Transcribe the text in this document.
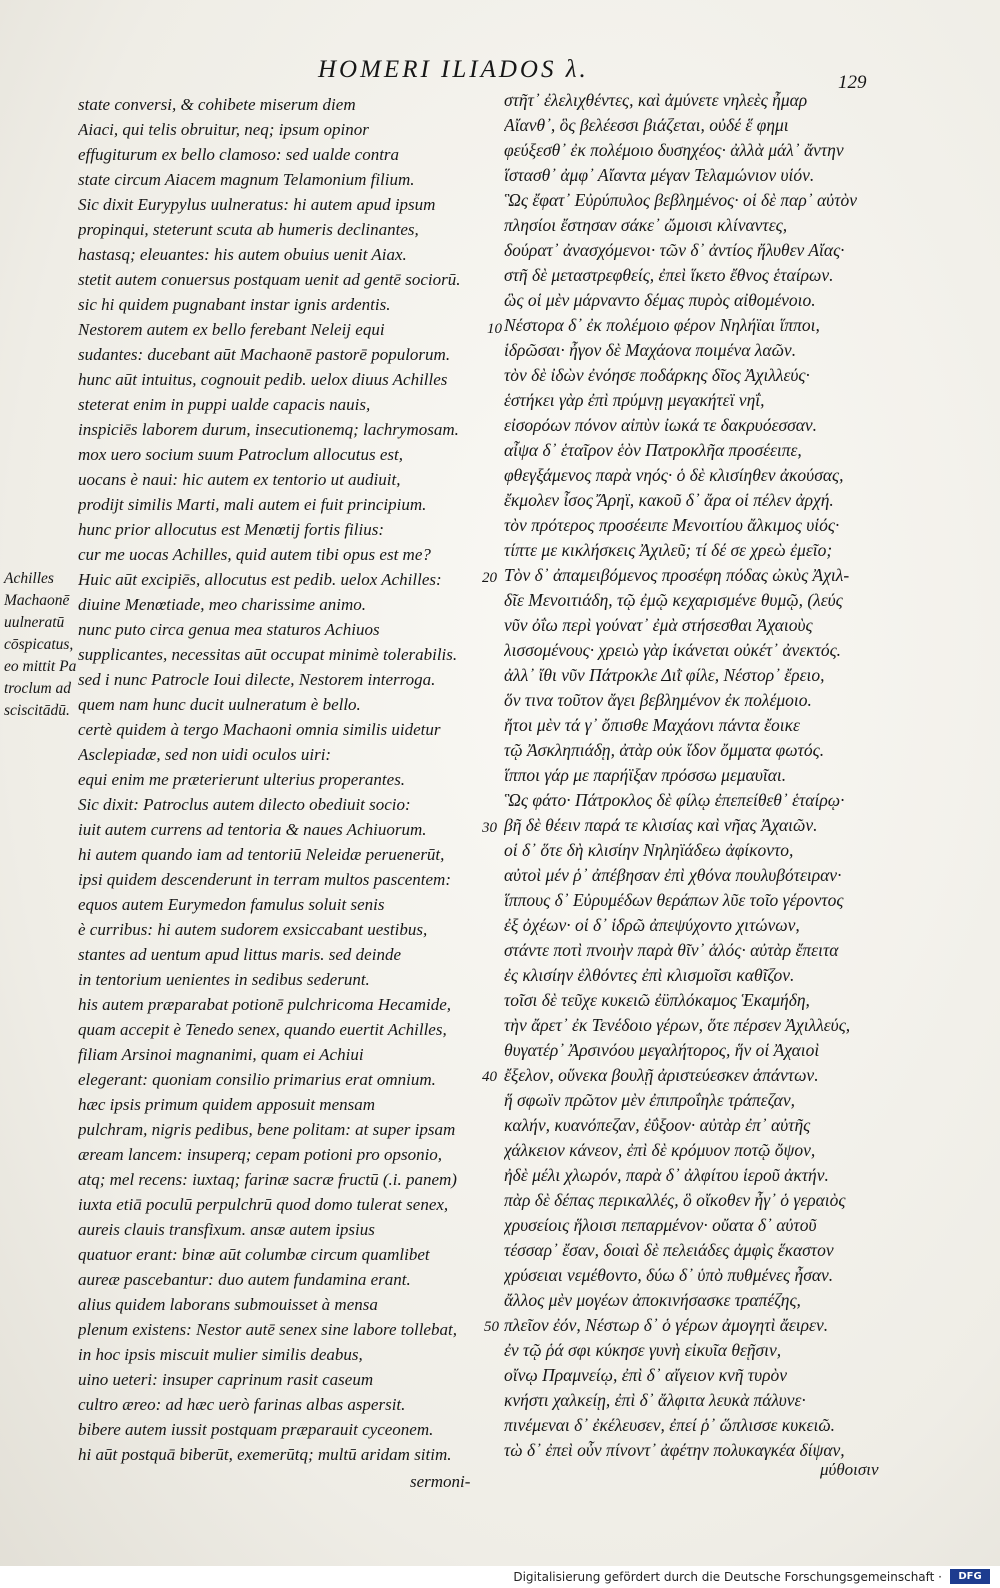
HOMERI ILIADOS λ.	129
state conversi, & cohibete miserum diem
Aiaci, qui telis obruitur, neq; ipsum opinor
effugiturum ex bello clamoso: sed ualde contra
state circum Aiacem magnum Telamonium filium.
Sic dixit Eurypylus uulneratus: hi autem apud ipsum
propinqui, steterunt scuta ab humeris declinantes,
hastasq; eleuantes: his autem obuius uenit Aiax.
stetit autem conuersus postquam uenit ad gentē sociorū.
sic hi quidem pugnabant instar ignis ardentis.
Nestorem autem ex bello ferebant Neleij equi
sudantes: ducebant aūt Machaonē pastorē populorum.
hunc aūt intuitus, cognouit pedib. uelox diuus Achilles
steterat enim in puppi ualde capacis nauis,
inspiciēs laborem durum, insecutionemq; lachrymosam.
mox uero socium suum Patroclum allocutus est,
uocans è naui: hic autem ex tentorio ut audiuit,
prodijt similis Marti, mali autem ei fuit principium.
hunc prior allocutus est Menœtij fortis filius:
cur me uocas Achilles, quid autem tibi opus est me?
Huic aūt excipiēs, allocutus est pedib. uelox Achilles:
diuine Menœtiade, meo charissime animo.
nunc puto circa genua mea staturos Achiuos
supplicantes, necessitas aūt occupat minimè tolerabilis.
sed i nunc Patrocle Ioui dilecte, Nestorem interroga.
quem nam hunc ducit uulneratum è bello.
certè quidem à tergo Machaoni omnia similis uidetur
Asclepiadæ, sed non uidi oculos uiri:
equi enim me præterierunt ulterius properantes.
Sic dixit: Patroclus autem dilecto obediuit socio:
iuit autem currens ad tentoria & naues Achiuorum.
hi autem quando iam ad tentoriū Neleidæ peruenerūt,
ipsi quidem descenderunt in terram multos pascentem:
equos autem Eurymedon famulus soluit senis
è curribus: hi autem sudorem exsiccabant uestibus,
stantes ad uentum apud littus maris. sed deinde
in tentorium uenientes in sedibus sederunt.
his autem præparabat potionē pulchricoma Hecamide,
quam accepit è Tenedo senex, quando euertit Achilles,
filiam Arsinoi magnanimi, quam ei Achiui
elegerant: quoniam consilio primarius erat omnium.
hæc ipsis primum quidem apposuit mensam
pulchram, nigris pedibus, bene politam: at super ipsam
æream lancem: insuperq; cepam potioni pro opsonio,
atq; mel recens: iuxtaq; farinæ sacræ fructū (.i. panem)
iuxta etiā poculū perpulchrū quod domo tulerat senex,
aureis clauis transfixum. ansæ autem ipsius
quatuor erant: binæ aūt columbæ circum quamlibet
aureæ pascebantur: duo autem fundamina erant.
alius quidem laborans submouisset à mensa
plenum existens: Nestor autē senex sine labore tollebat,
in hoc ipsis miscuit mulier similis deabus,
uino ueteri: insuper caprinum rasit caseum
cultro æreo: ad hæc uerò farinas albas aspersit.
bibere autem iussit postquam præparauit cyceonem.
hi aūt postquā biberūt, exemerūtq; multū aridam sitim.
στῆτ᾽ ἐλελιχθέντες, καὶ ἀμύνετε νηλεὲς ἦμαρ
Αἴανθ᾽, ὃς βελέεσσι βιάζεται, οὐδέ ἕ φημι
φεύξεσθ᾽ ἐκ πολέμοιο δυσηχέος· ἀλλὰ μάλ᾽ ἄντην
ἵστασθ᾽ ἀμφ᾽ Αἴαντα μέγαν Τελαμώνιον υἱόν.
Ὣς ἔφατ᾽ Εὐρύπυλος βεβλημένος· οἱ δὲ παρ᾽ αὐτὸν
πλησίοι ἔστησαν σάκε᾽ ὤμοισι κλίναντες,
δούρατ᾽ ἀνασχόμενοι· τῶν δ᾽ ἀντίος ἤλυθεν Αἴας·
στῆ δὲ μεταστρεφθείς, ἐπεὶ ἵκετο ἔθνος ἑταίρων.
ὣς οἱ μὲν μάρναντο δέμας πυρὸς αἰθομένοιο.
Νέστορα δ᾽ ἐκ πολέμοιο φέρον Νηλήϊαι ἵπποι,
ἱδρῶσαι· ἦγον δὲ Μαχάονα ποιμένα λαῶν.
τὸν δὲ ἰδὼν ἐνόησε ποδάρκης δῖος Ἀχιλλεύς·
ἑστήκει γὰρ ἐπὶ πρύμνῃ μεγακήτεϊ νηΐ,
εἰσορόων πόνον αἰπὺν ἰωκά τε δακρυόεσσαν.
αἶψα δ᾽ ἑταῖρον ἑὸν Πατροκλῆα προσέειπε,
φθεγξάμενος παρὰ νηός· ὁ δὲ κλισίηθεν ἀκούσας,
ἔκμολεν ἶσος Ἄρηϊ, κακοῦ δ᾽ ἄρα οἱ πέλεν ἀρχή.
τὸν πρότερος προσέειπε Μενοιτίου ἄλκιμος υἱός·
τίπτε με κικλήσκεις Ἀχιλεῦ; τί δέ σε χρεὼ ἐμεῖο;
Τὸν δ᾽ ἀπαμειβόμενος προσέφη πόδας ὠκὺς Ἀχιλ-
δῖε Μενοιτιάδη, τῷ ἐμῷ κεχαρισμένε θυμῷ, (λεύς
νῦν ὀΐω περὶ γούνατ᾽ ἐμὰ στήσεσθαι Ἀχαιοὺς
λισσομένους· χρειὼ γὰρ ἱκάνεται οὐκέτ᾽ ἀνεκτός.
ἀλλ᾽ ἴθι νῦν Πάτροκλε Διῒ φίλε, Νέστορ᾽ ἔρειο,
ὅν τινα τοῦτον ἄγει βεβλημένον ἐκ πολέμοιο.
ἤτοι μὲν τά γ᾽ ὄπισθε Μαχάονι πάντα ἔοικε
τῷ Ἀσκληπιάδῃ, ἀτὰρ οὐκ ἴδον ὄμματα φωτός.
ἵπποι γάρ με παρήϊξαν πρόσσω μεμαυῖαι.
Ὣς φάτο· Πάτροκλος δὲ φίλῳ ἐπεπείθεθ᾽ ἑταίρῳ·
βῆ δὲ θέειν παρά τε κλισίας καὶ νῆας Ἀχαιῶν.
οἱ δ᾽ ὅτε δὴ κλισίην Νηληϊάδεω ἀφίκοντο,
αὐτοὶ μέν ῥ᾽ ἀπέβησαν ἐπὶ χθόνα πουλυβότειραν·
ἵππους δ᾽ Εὐρυμέδων θεράπων λῦε τοῖο γέροντος
ἐξ ὀχέων· οἱ δ᾽ ἱδρῶ ἀπεψύχοντο χιτώνων,
στάντε ποτὶ πνοιὴν παρὰ θῖν᾽ ἁλός· αὐτὰρ ἔπειτα
ἐς κλισίην ἐλθόντες ἐπὶ κλισμοῖσι καθῖζον.
τοῖσι δὲ τεῦχε κυκειῶ ἐϋπλόκαμος Ἑκαμήδη,
τὴν ἄρετ᾽ ἐκ Τενέδοιο γέρων, ὅτε πέρσεν Ἀχιλλεύς,
θυγατέρ᾽ Ἀρσινόου μεγαλήτορος, ἥν οἱ Ἀχαιοὶ
ἔξελον, οὕνεκα βουλῇ ἀριστεύεσκεν ἁπάντων.
ἥ σφωϊν πρῶτον μὲν ἐπιπροΐηλε τράπεζαν,
καλήν, κυανόπεζαν, ἐΰξοον· αὐτὰρ ἐπ᾽ αὐτῆς
χάλκειον κάνεον, ἐπὶ δὲ κρόμυον ποτῷ ὄψον,
ἠδὲ μέλι χλωρόν, παρὰ δ᾽ ἀλφίτου ἱεροῦ ἀκτήν.
πὰρ δὲ δέπας περικαλλές, ὃ οἴκοθεν ἦγ᾽ ὁ γεραιὸς
χρυσείοις ἥλοισι πεπαρμένον· οὔατα δ᾽ αὐτοῦ
τέσσαρ᾽ ἔσαν, δοιαὶ δὲ πελειάδες ἀμφὶς ἕκαστον
χρύσειαι νεμέθοντο, δύω δ᾽ ὑπὸ πυθμένες ἦσαν.
ἄλλος μὲν μογέων ἀποκινήσασκε τραπέζης,
πλεῖον ἐόν, Νέστωρ δ᾽ ὁ γέρων ἀμογητὶ ἄειρεν.
ἐν τῷ ῥά σφι κύκησε γυνὴ εἰκυῖα θεῇσιν,
οἴνῳ Πραμνείῳ, ἐπὶ δ᾽ αἴγειον κνῆ τυρὸν
κνήστι χαλκείῃ, ἐπὶ δ᾽ ἄλφιτα λευκὰ πάλυνε·
πινέμεναι δ᾽ ἐκέλευσεν, ἐπεί ῥ᾽ ὥπλισσε κυκειῶ.
τὼ δ᾽ ἐπεὶ οὖν πίνοντ᾽ ἀφέτην πολυκαγκέα δίψαν,
sermoni-
μύθοισιν
Achilles
Machaonē
uulneratū
cōspicatus,
eo mittit Pa
troclum ad
sciscitādū.
10
20
30
40
50
Digitalisierung gefördert durch die Deutsche Forschungsgemeinschaft ·	DFG
